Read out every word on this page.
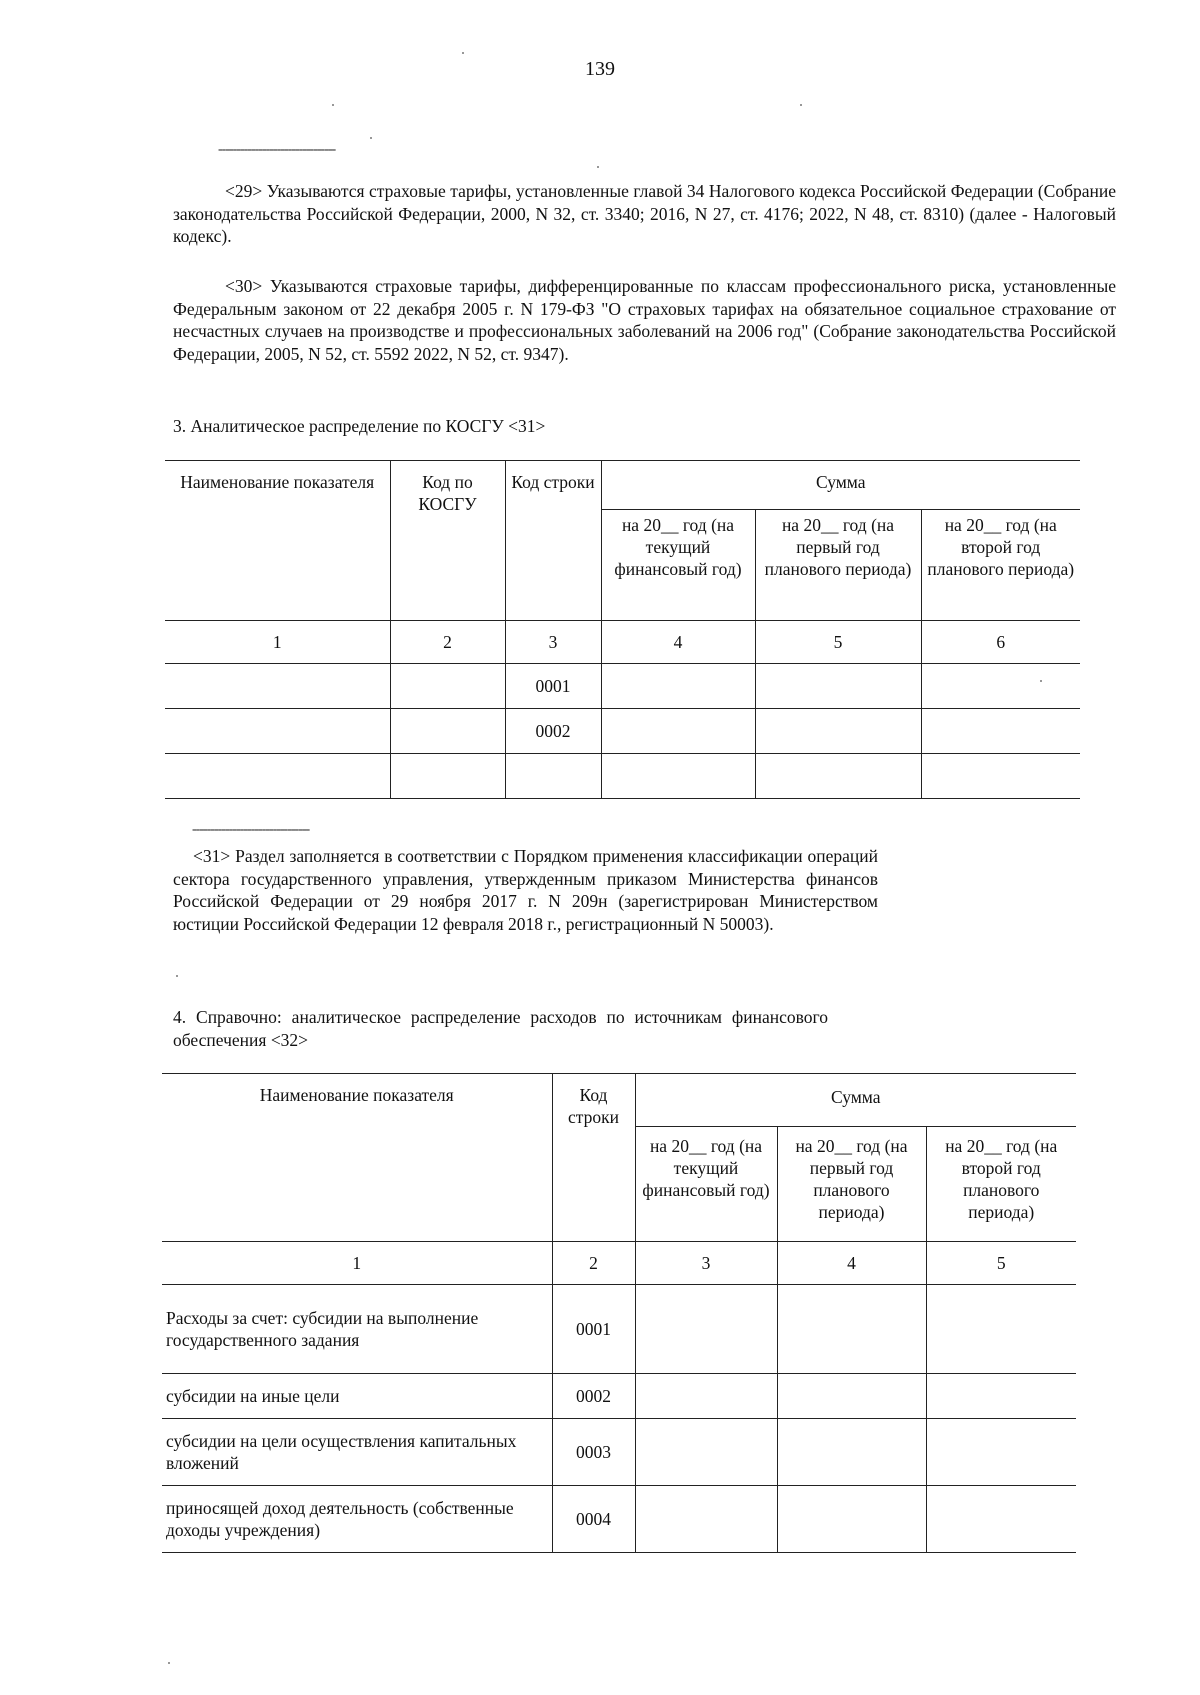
139
--------------------------------
<29> Указываются страховые тарифы, установленные главой 34 Налогового кодекса Российской Федерации (Собрание законодательства Российской Федерации, 2000, N 32, ст. 3340; 2016, N 27, ст. 4176; 2022, N 48, ст. 8310) (далее - Налоговый кодекс).
<30> Указываются страховые тарифы, дифференцированные по классам профессионального риска, установленные Федеральным законом от 22 декабря 2005 г. N 179-ФЗ "О страховых тарифах на обязательное социальное страхование от несчастных случаев на производстве и профессиональных заболеваний на 2006 год" (Собрание законодательства Российской Федерации, 2005, N 52, ст. 5592 2022, N 52, ст. 9347).
3. Аналитическое распределение по КОСГУ <31>
Наименование показателя	Код по КОСГУ	Код строки	Сумма		
			на 20__ год (на текущий финансовый год)	на 20__ год (на первый год планового периода)	на 20__ год (на второй год планового периода)
1	2	3	4	5	6
		0001			
		0002			

--------------------------------
<31> Раздел заполняется в соответствии с Порядком применения классификации операций сектора государственного управления, утвержденным приказом Министерства финансов Российской Федерации от 29 ноября 2017 г. N 209н (зарегистрирован Министерством юстиции Российской Федерации 12 февраля 2018 г., регистрационный N 50003).
4. Справочно: аналитическое распределение расходов по источникам финансового обеспечения <32>
Наименование показателя	Код строки	Сумма		
		на 20__ год (на текущий финансовый год)	на 20__ год (на первый год планового периода)	на 20__ год (на второй год планового периода)
1	2	3	4	5
Расходы за счет: субсидии на выполнение государственного задания	0001			
субсидии на иные цели	0002			
субсидии на цели осуществления капитальных вложений	0003			
приносящей доход деятельность (собственные доходы учреждения)	0004			
